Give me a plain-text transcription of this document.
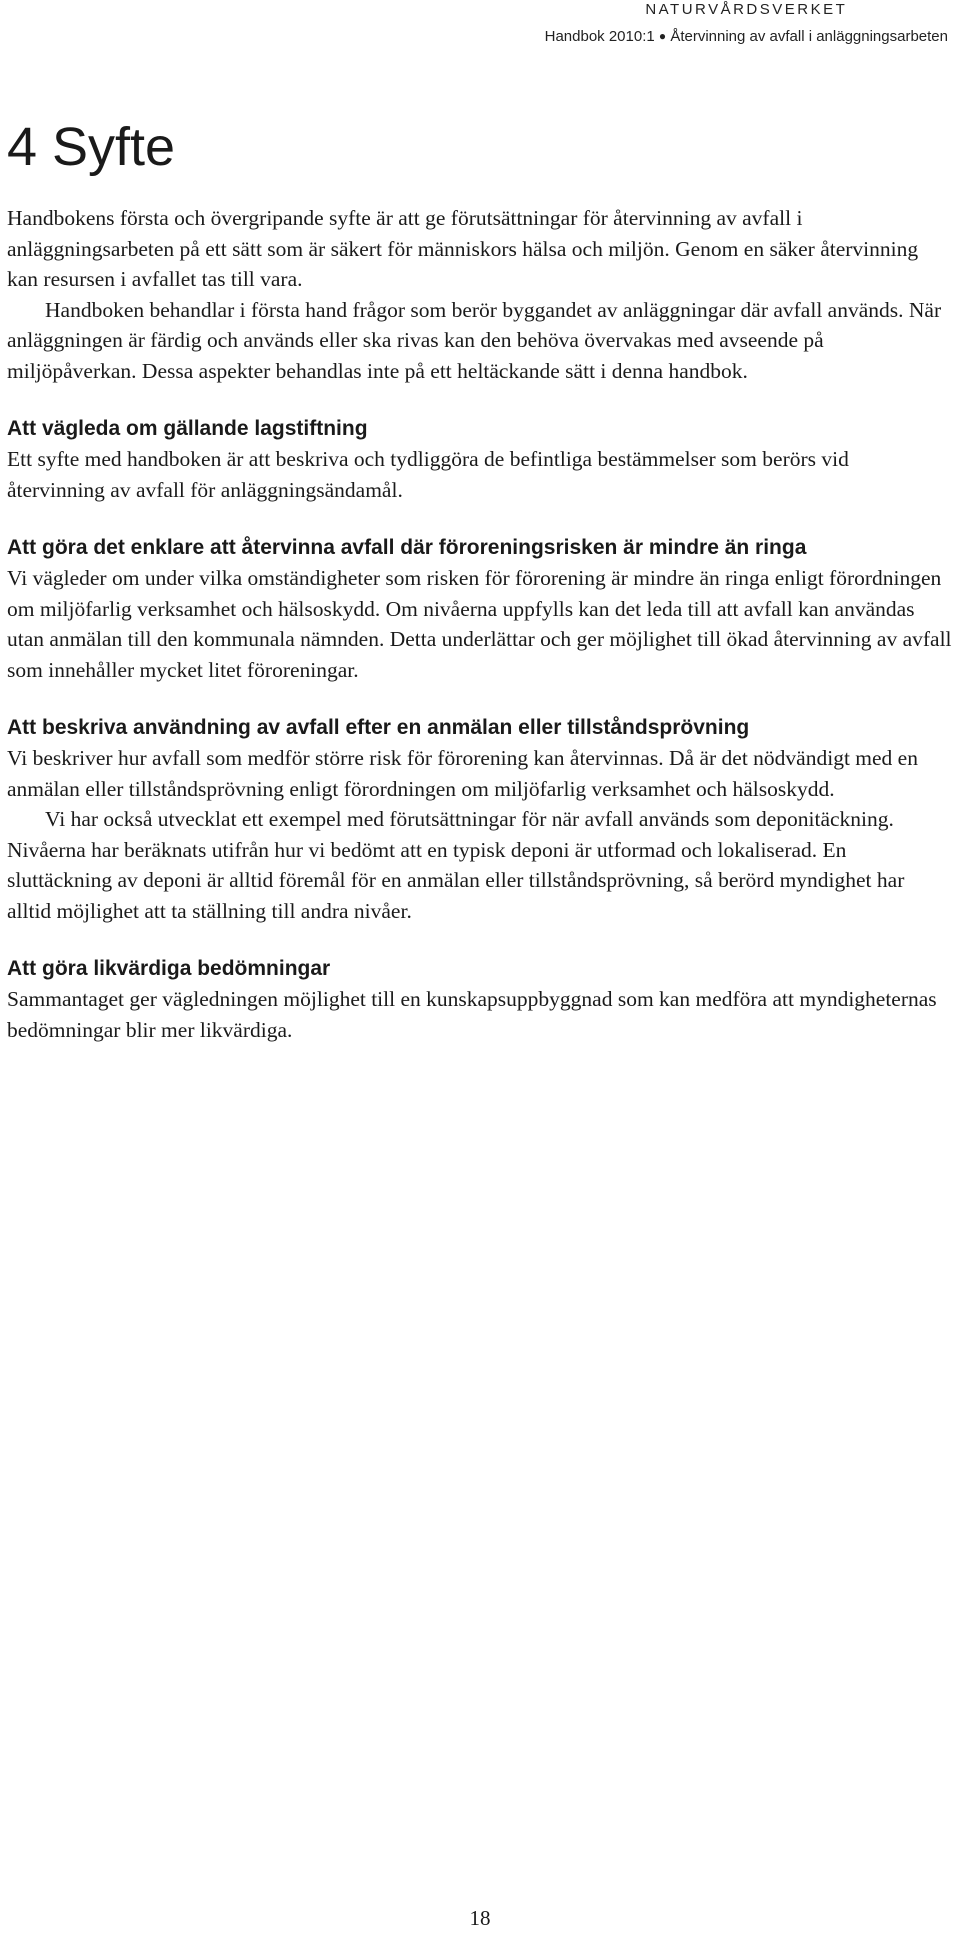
NATURVÅRDSVERKET
Handbok 2010:1 ● Återvinning av avfall i anläggningsarbeten
4 Syfte

Handbokens första och övergripande syfte är att ge förutsättningar för återvinning av avfall i anläggningsarbeten på ett sätt som är säkert för människors hälsa och miljön. Genom en säker återvinning kan resursen i avfallet tas till vara.

Handboken behandlar i första hand frågor som berör byggandet av anläggningar där avfall används. När anläggningen är färdig och används eller ska rivas kan den behöva övervakas med avseende på miljöpåverkan. Dessa aspekter behandlas inte på ett heltäckande sätt i denna handbok.

Att vägleda om gällande lagstiftning

Ett syfte med handboken är att beskriva och tydliggöra de befintliga bestämmelser som berörs vid återvinning av avfall för anläggningsändamål.

Att göra det enklare att återvinna avfall där föroreningsrisken är mindre än ringa

Vi vägleder om under vilka omständigheter som risken för förorening är mindre än ringa enligt förordningen om miljöfarlig verksamhet och hälsoskydd. Om nivåerna uppfylls kan det leda till att avfall kan användas utan anmälan till den kommunala nämnden. Detta underlättar och ger möjlighet till ökad återvinning av avfall som innehåller mycket litet föroreningar.

Att beskriva användning av avfall efter en anmälan eller tillståndsprövning

Vi beskriver hur avfall som medför större risk för förorening kan återvinnas. Då är det nödvändigt med en anmälan eller tillståndsprövning enligt förordningen om miljöfarlig verksamhet och hälsoskydd.

Vi har också utvecklat ett exempel med förutsättningar för när avfall används som deponitäckning. Nivåerna har beräknats utifrån hur vi bedömt att en typisk deponi är utformad och lokaliserad. En sluttäckning av deponi är alltid föremål för en anmälan eller tillståndsprövning, så berörd myndighet har alltid möjlighet att ta ställning till andra nivåer.

Att göra likvärdiga bedömningar

Sammantaget ger vägledningen möjlighet till en kunskapsuppbyggnad som kan medföra att myndigheternas bedömningar blir mer likvärdiga.

18
